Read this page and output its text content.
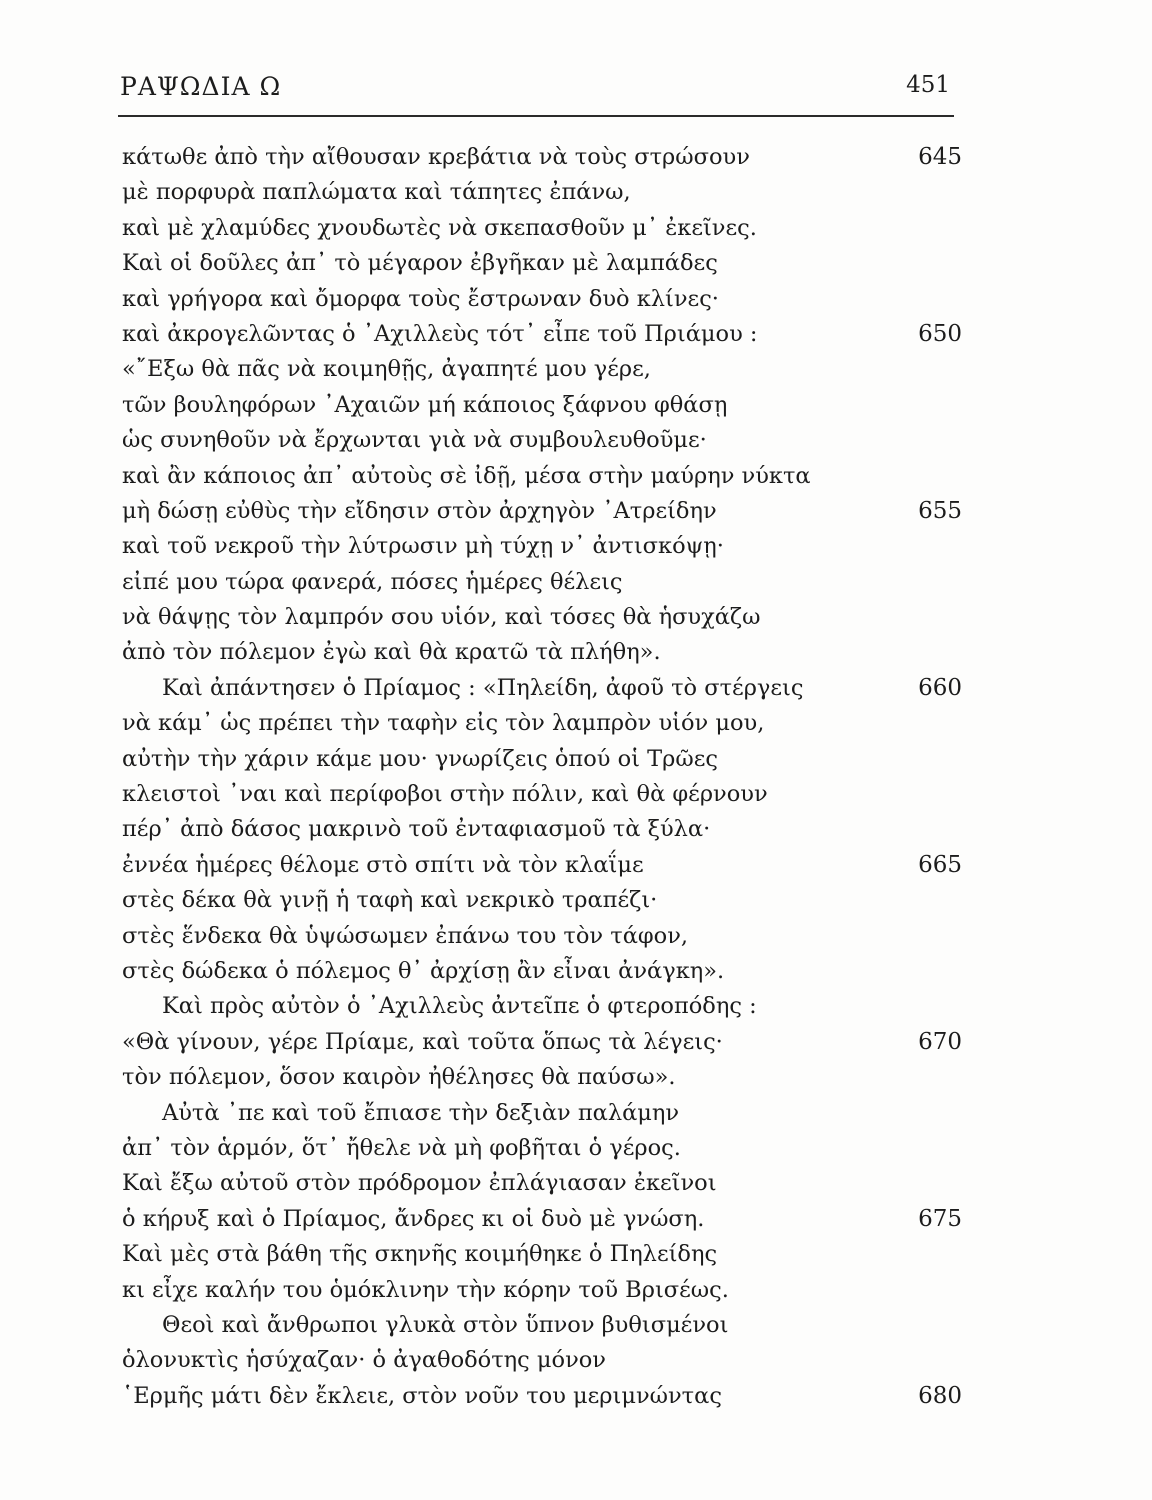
ΡΑΨΩΔΙΑ Ω	451
κάτωθε ἀπὸ τὴν αἴθουσαν κρεβάτια νὰ τοὺς στρώσουν	645
μὲ πορφυρὰ παπλώματα καὶ τάπητες ἐπάνω,
καὶ μὲ χλαμύδες χνουδωτὲς νὰ σκεπασθοῦν μ᾽ ἐκεῖνες.
Καὶ οἱ δοῦλες ἀπ᾽ τὸ μέγαρον ἐβγῆκαν μὲ λαμπάδες
καὶ γρήγορα καὶ ὄμορφα τοὺς ἔστρωναν δυὸ κλίνες·
καὶ ἀκρογελῶντας ὁ ᾽Αχιλλεὺς τότ᾽ εἶπε τοῦ Πριάμου :	650
«῎Εξω θὰ πᾶς νὰ κοιμηθῇς, ἀγαπητέ μου γέρε,
τῶν βουληφόρων ᾽Αχαιῶν μή κάποιος ξάφνου φθάσῃ
ὡς συνηθοῦν νὰ ἔρχωνται γιὰ νὰ συμβουλευθοῦμε·
καὶ ἂν κάποιος ἀπ᾽ αὐτοὺς σὲ ἰδῇ, μέσα στὴν μαύρην νύκτα
μὴ δώσῃ εὐθὺς τὴν εἴδησιν στὸν ἀρχηγὸν ᾽Ατρείδην	655
καὶ τοῦ νεκροῦ τὴν λύτρωσιν μὴ τύχῃ ν᾽ ἀντισκόψῃ·
εἰπέ μου τώρα φανερά, πόσες ἡμέρες θέλεις
νὰ θάψῃς τὸν λαμπρόν σου υἱόν, καὶ τόσες θὰ ἡσυχάζω
ἀπὸ τὸν πόλεμον ἐγὼ καὶ θὰ κρατῶ τὰ πλήθη».
Καὶ ἀπάντησεν ὁ Πρίαμος : «Πηλείδη, ἀφοῦ τὸ στέργεις	660
νὰ κάμ᾽ ὡς πρέπει τὴν ταφὴν εἰς τὸν λαμπρὸν υἱόν μου,
αὐτὴν τὴν χάριν κάμε μου· γνωρίζεις ὁπού οἱ Τρῶες
κλειστοὶ ᾽ναι καὶ περίφοβοι στὴν πόλιν, καὶ θὰ φέρνουν
πέρ᾽ ἀπὸ δάσος μακρινὸ τοῦ ἐνταφιασμοῦ τὰ ξύλα·
ἐννέα ἡμέρες θέλομε στὸ σπίτι νὰ τὸν κλαΐμε	665
στὲς δέκα θὰ γινῇ ἡ ταφὴ καὶ νεκρικὸ τραπέζι·
στὲς ἕνδεκα θὰ ὑψώσωμεν ἐπάνω του τὸν τάφον,
στὲς δώδεκα ὁ πόλεμος θ᾽ ἀρχίσῃ ἂν εἶναι ἀνάγκη».
Καὶ πρὸς αὐτὸν ὁ ᾽Αχιλλεὺς ἀντεῖπε ὁ φτεροπόδης :
«Θὰ γίνουν, γέρε Πρίαμε, καὶ τοῦτα ὅπως τὰ λέγεις·	670
τὸν πόλεμον, ὅσον καιρὸν ἠθέλησες θὰ παύσω».
Αὐτὰ ᾽πε καὶ τοῦ ἔπιασε τὴν δεξιὰν παλάμην
ἀπ᾽ τὸν ἁρμόν, ὅτ᾽ ἤθελε νὰ μὴ φοβῆται ὁ γέρος.
Καὶ ἔξω αὐτοῦ στὸν πρόδρομον ἐπλάγιασαν ἐκεῖνοι
ὁ κήρυξ καὶ ὁ Πρίαμος, ἄνδρες κι οἱ δυὸ μὲ γνώση.	675
Καὶ μὲς στὰ βάθη τῆς σκηνῆς κοιμήθηκε ὁ Πηλείδης
κι εἶχε καλήν του ὁμόκλινην τὴν κόρην τοῦ Βρισέως.
Θεοὶ καὶ ἄνθρωποι γλυκὰ στὸν ὕπνον βυθισμένοι
ὁλονυκτὶς ἡσύχαζαν· ὁ ἀγαθοδότης μόνον
῾Ερμῆς μάτι δὲν ἔκλειε, στὸν νοῦν του μεριμνώντας	680
